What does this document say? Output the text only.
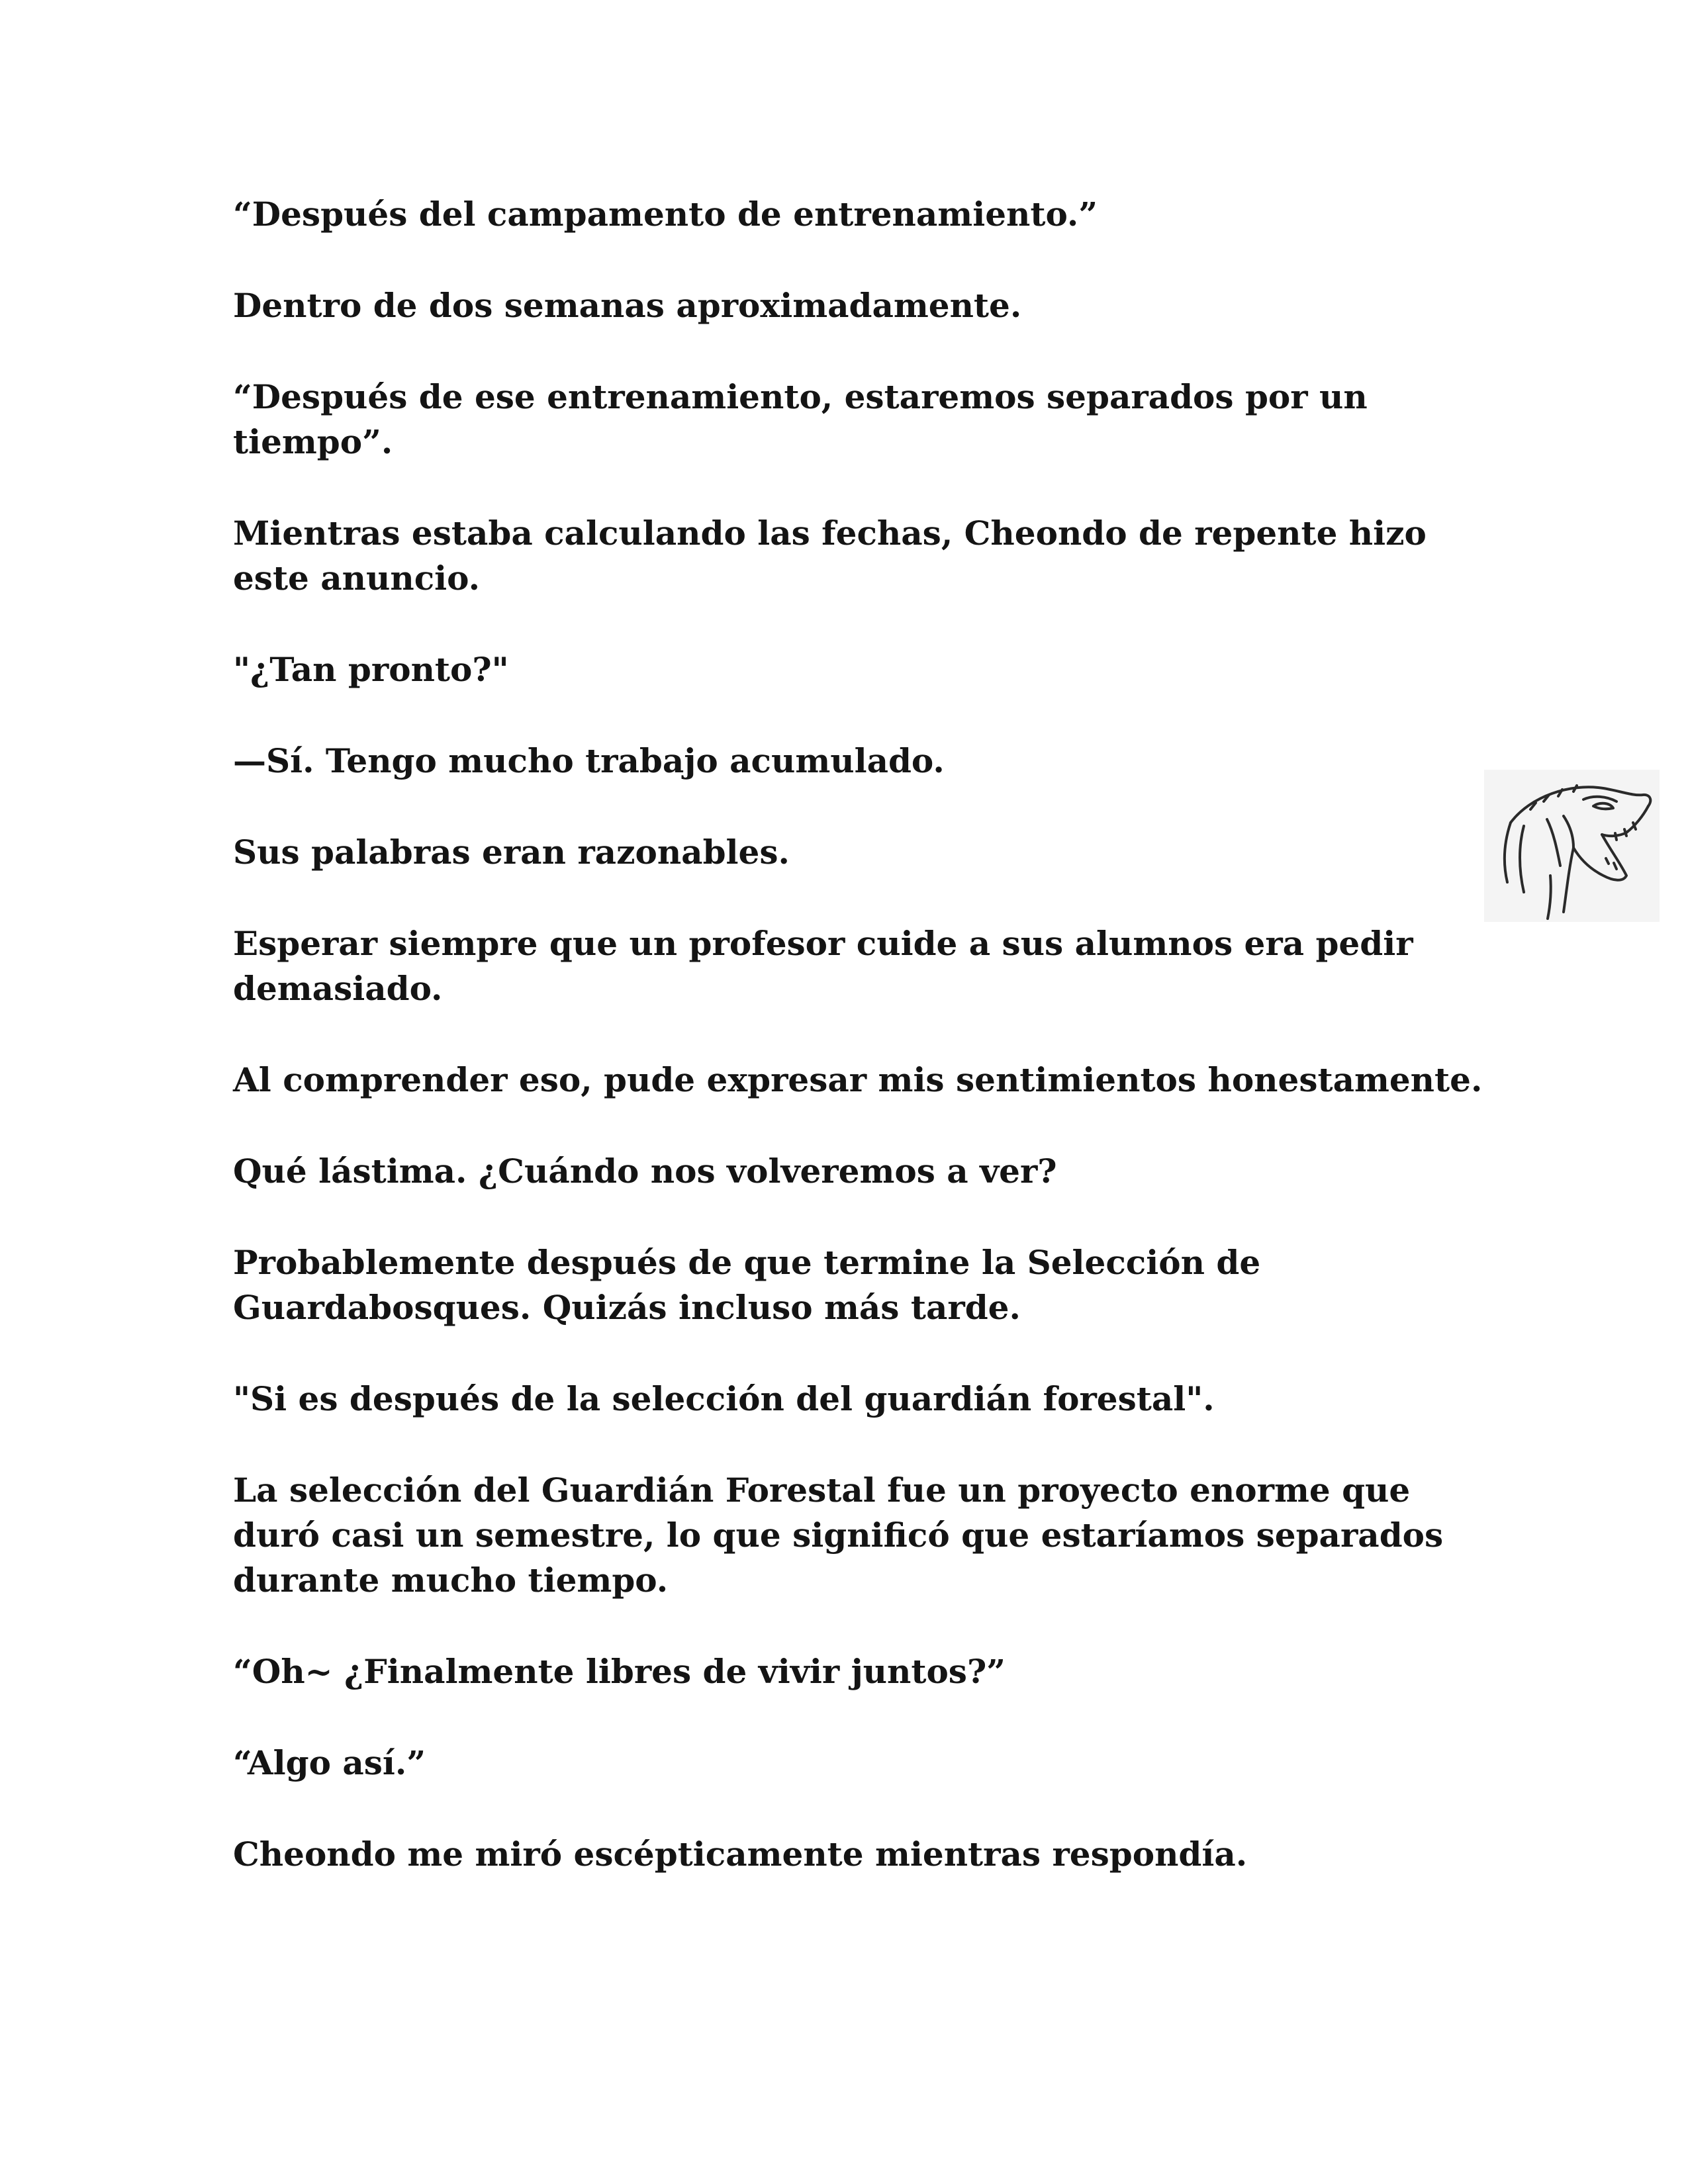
“Después del campamento de entrenamiento.”

Dentro de dos semanas aproximadamente.

“Después de ese entrenamiento, estaremos separados por un tiempo”.

Mientras estaba calculando las fechas, Cheondo de repente hizo este anuncio.

"¿Tan pronto?"

—Sí. Tengo mucho trabajo acumulado.

Sus palabras eran razonables.

Esperar siempre que un profesor cuide a sus alumnos era pedir demasiado.

Al comprender eso, pude expresar mis sentimientos honestamente.

Qué lástima. ¿Cuándo nos volveremos a ver?

Probablemente después de que termine la Selección de Guardabosques. Quizás incluso más tarde.

"Si es después de la selección del guardián forestal".

La selección del Guardián Forestal fue un proyecto enorme que duró casi un semestre, lo que significó que estaríamos separados durante mucho tiempo.

“Oh~ ¿Finalmente libres de vivir juntos?”

“Algo así.”

Cheondo me miró escépticamente mientras respondía.
